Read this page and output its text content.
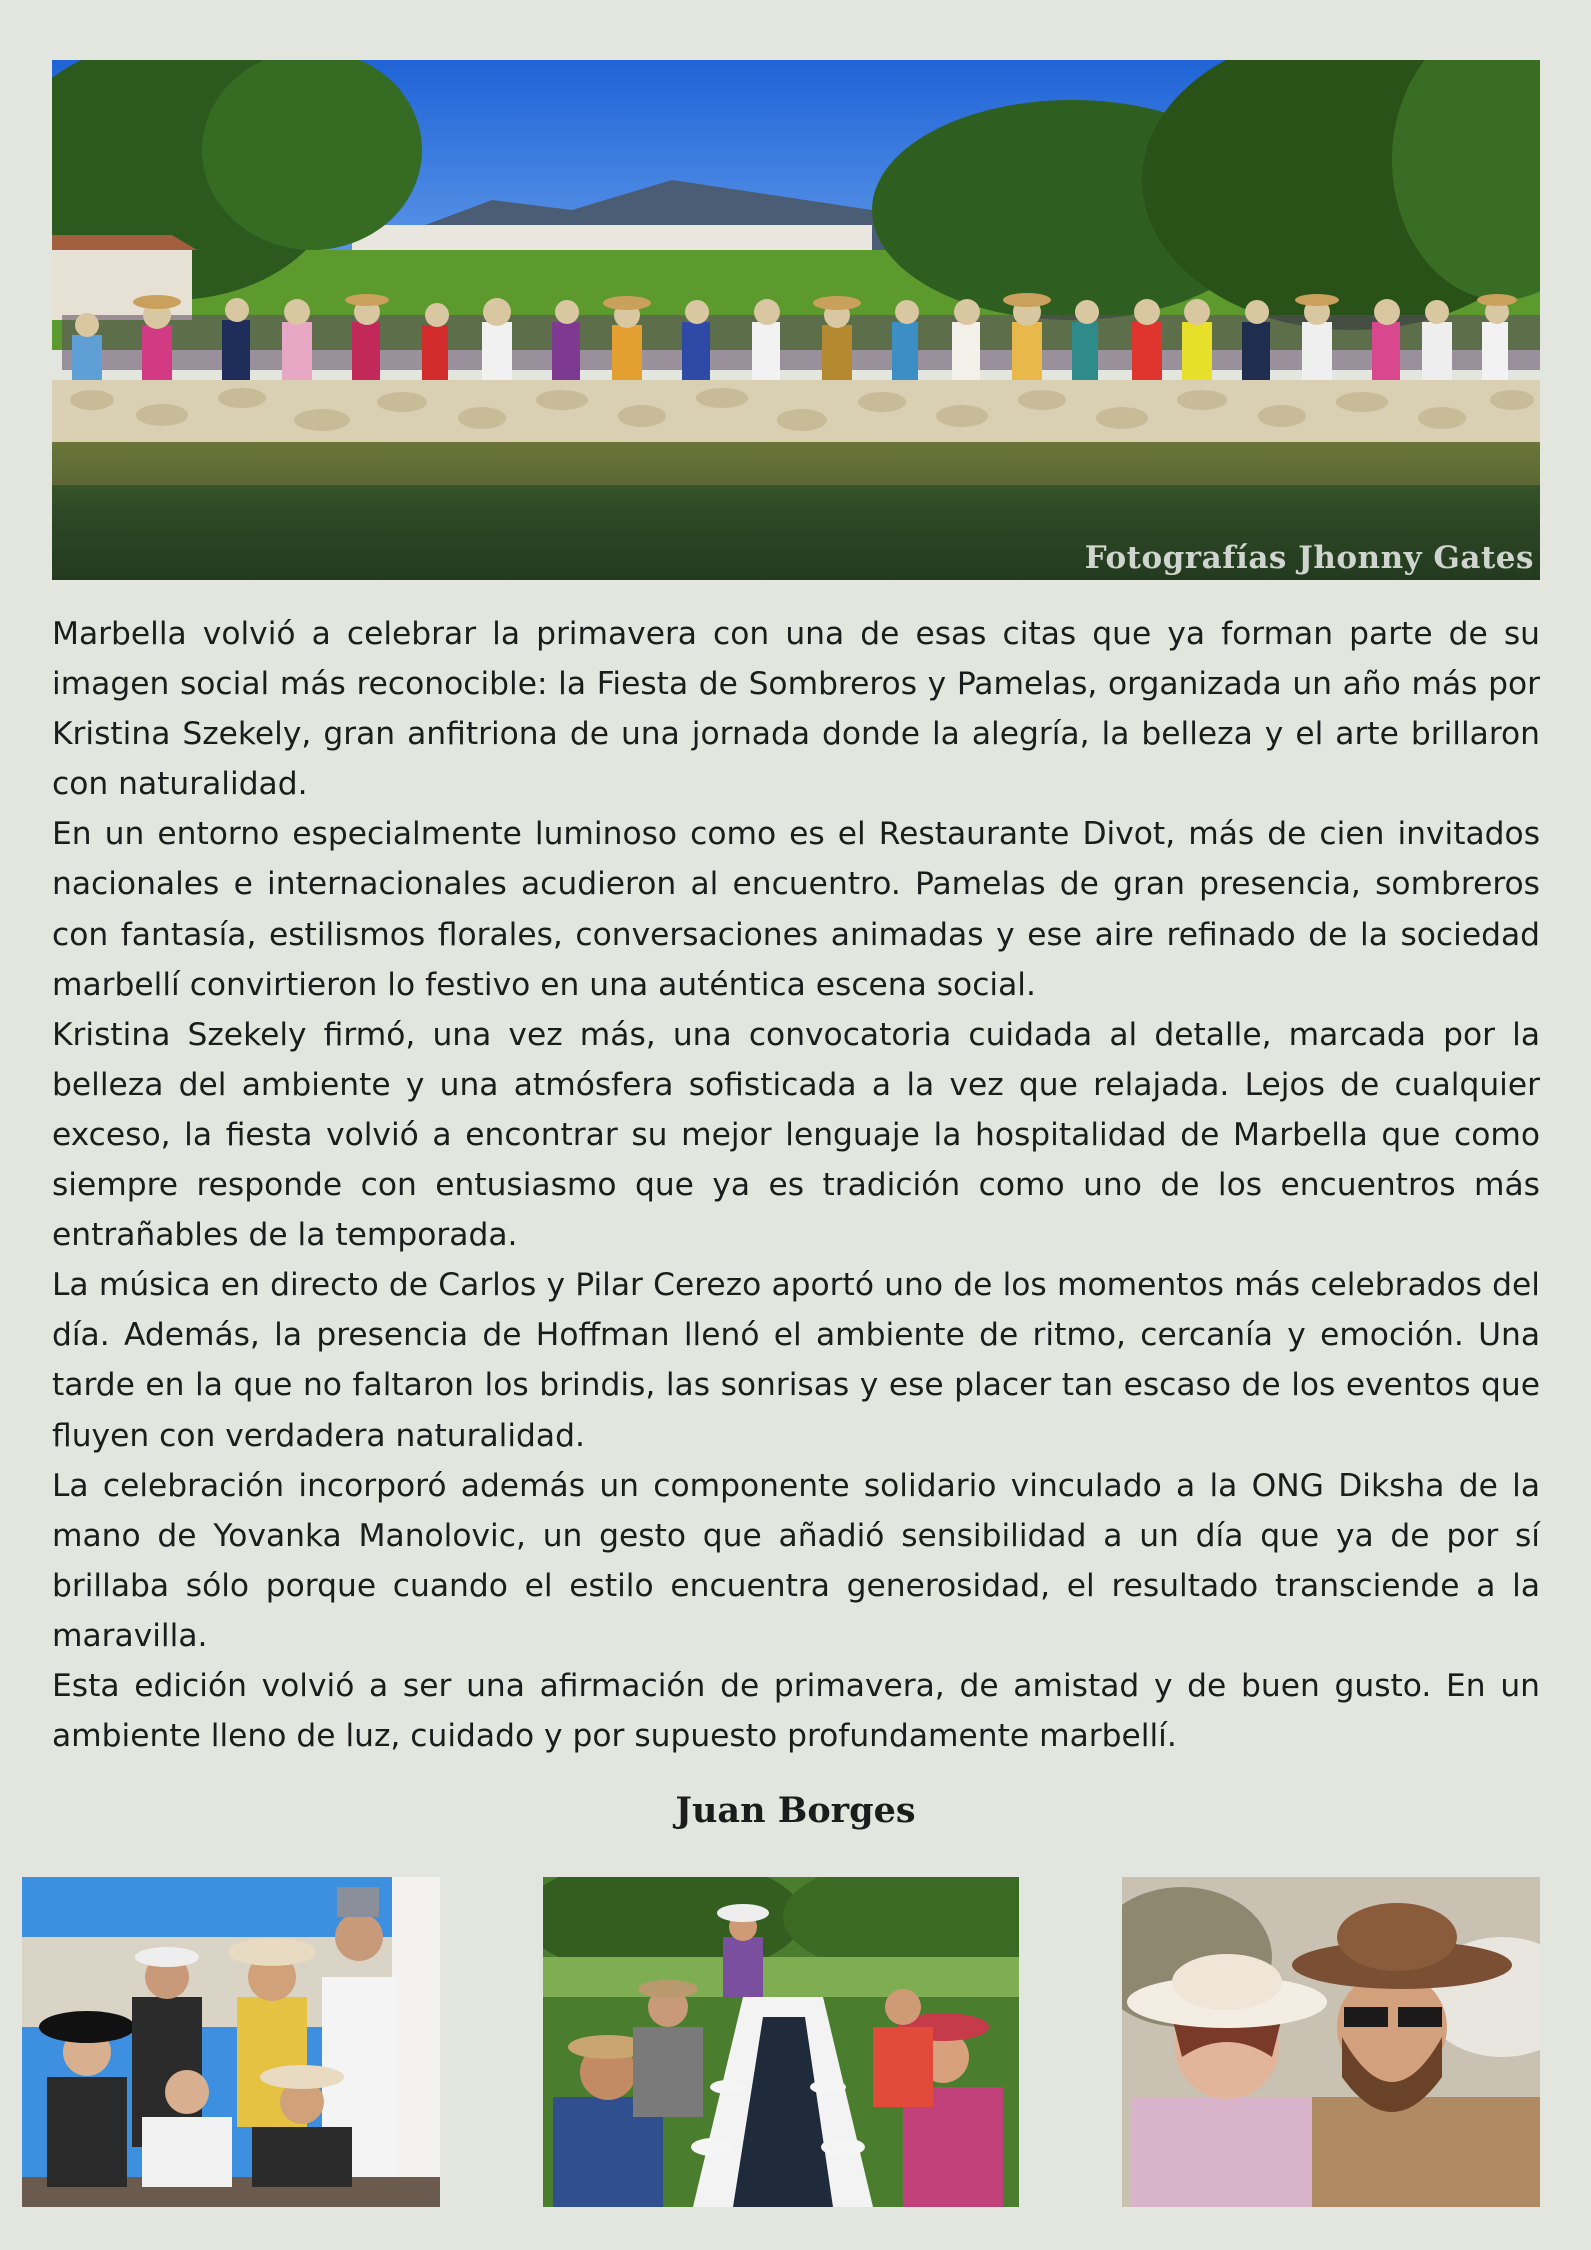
Fotografías Jhonny Gates

Marbella volvió a celebrar la primavera con una de esas citas que ya forman parte de su imagen social más reconocible: la Fiesta de Sombreros y Pamelas, organizada un año más por Kristina Szekely, gran anfitriona de una jornada donde la alegría, la belleza y el arte brillaron con naturalidad.

En un entorno especialmente luminoso como es el Restaurante Divot, más de cien invitados nacionales e internacionales acudieron al encuentro. Pamelas de gran presencia, sombreros con fantasía, estilismos florales, conversaciones animadas y ese aire refinado de la sociedad marbellí convirtieron lo festivo en una auténtica escena social.

Kristina Szekely firmó, una vez más, una convocatoria cuidada al detalle, marcada por la belleza del ambiente y una atmósfera sofisticada a la vez que relajada. Lejos de cualquier exceso, la fiesta volvió a encontrar su mejor lenguaje la hospitalidad de Marbella que como siempre responde con entusiasmo que ya es tradición como uno de los encuentros más entrañables de la temporada.

La música en directo de Carlos y Pilar Cerezo aportó uno de los momentos más celebrados del día. Además, la presencia de Hoffman llenó el ambiente de ritmo, cercanía y emoción. Una tarde en la que no faltaron los brindis, las sonrisas y ese placer tan escaso de los eventos que fluyen con verdadera naturalidad.

La celebración incorporó además un componente solidario vinculado a la ONG Diksha de la mano de Yovanka Manolovic, un gesto que añadió sensibilidad a un día que ya de por sí brillaba sólo porque cuando el estilo encuentra generosidad, el resultado transciende a la maravilla.

Esta edición volvió a ser una afirmación de primavera, de amistad y de buen gusto. En un ambiente lleno de luz, cuidado y por supuesto profundamente marbellí.

Juan Borges
